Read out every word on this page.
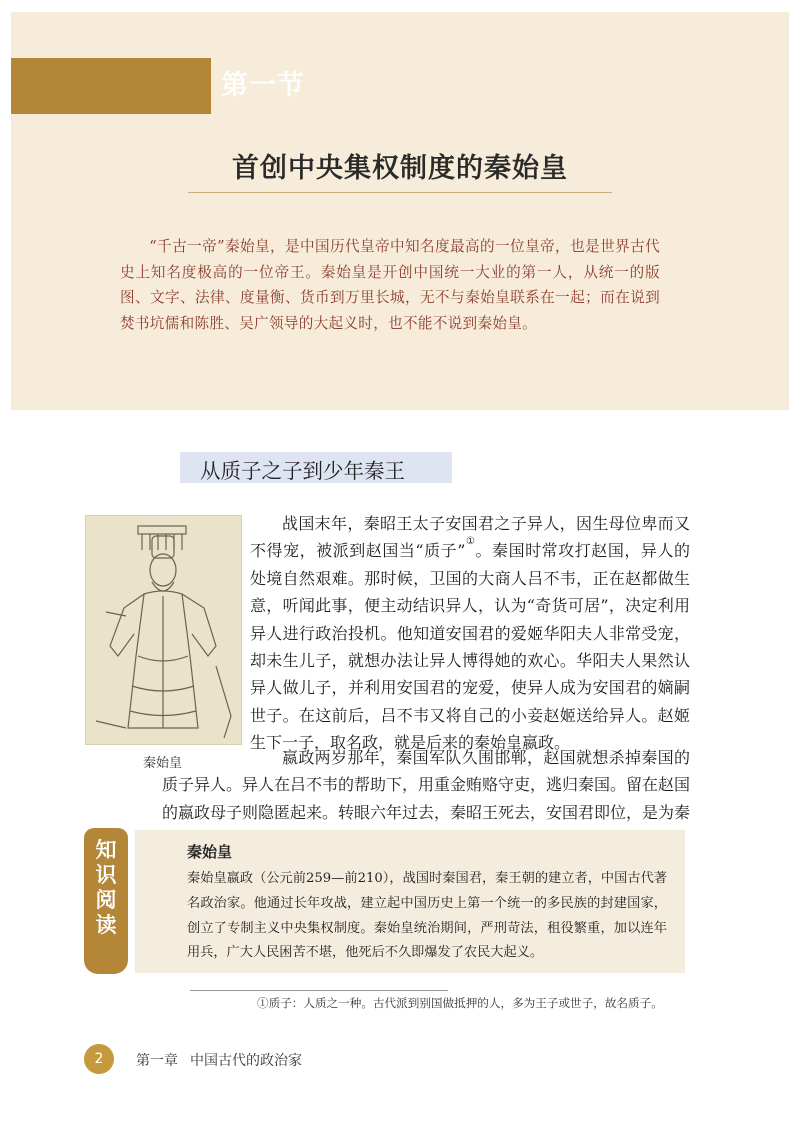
第一节
首创中央集权制度的秦始皇
“千古一帝”秦始皇，是中国历代皇帝中知名度最高的一位皇帝，也是世界古代史上知名度极高的一位帝王。秦始皇是开创中国统一大业的第一人，从统一的版图、文字、法律、度量衡、货币到万里长城，无不与秦始皇联系在一起；而在说到焚书坑儒和陈胜、吴广领导的大起义时，也不能不说到秦始皇。
从质子之子到少年秦王
秦始皇

战国末年，秦昭王太子安国君之子异人，因生母位卑而又不得宠，被派到赵国当“质子”①。秦国时常攻打赵国，异人的处境自然艰难。那时候，卫国的大商人吕不韦，正在赵都做生意，听闻此事，便主动结识异人，认为“奇货可居”，决定利用异人进行政治投机。他知道安国君的爱姬华阳夫人非常受宠，却未生儿子，就想办法让异人博得她的欢心。华阳夫人果然认异人做儿子，并利用安国君的宠爱，使异人成为安国君的嫡嗣世子。在这前后，吕不韦又将自己的小妾赵姬送给异人。赵姬生下一子，取名政，就是后来的秦始皇嬴政。

嬴政两岁那年，秦国军队久围邯郸，赵国就想杀掉秦国的质子异人。异人在吕不韦的帮助下，用重金贿赂守吏，逃归秦国。留在赵国的嬴政母子则隐匿起来。转眼六年过去，秦昭王死去，安国君即位，是为秦

知
识
阅
读
秦始皇
秦始皇嬴政（公元前259—前210），战国时秦国君，秦王朝的建立者，中国古代著名政治家。他通过长年攻战，建立起中国历史上第一个统一的多民族的封建国家，创立了专制主义中央集权制度。秦始皇统治期间，严刑苛法，租役繁重，加以连年用兵，广大人民困苦不堪，他死后不久即爆发了农民大起义。
①质子：人质之一种。古代派到别国做抵押的人，多为王子或世子，故名质子。
2	第一章 中国古代的政治家
